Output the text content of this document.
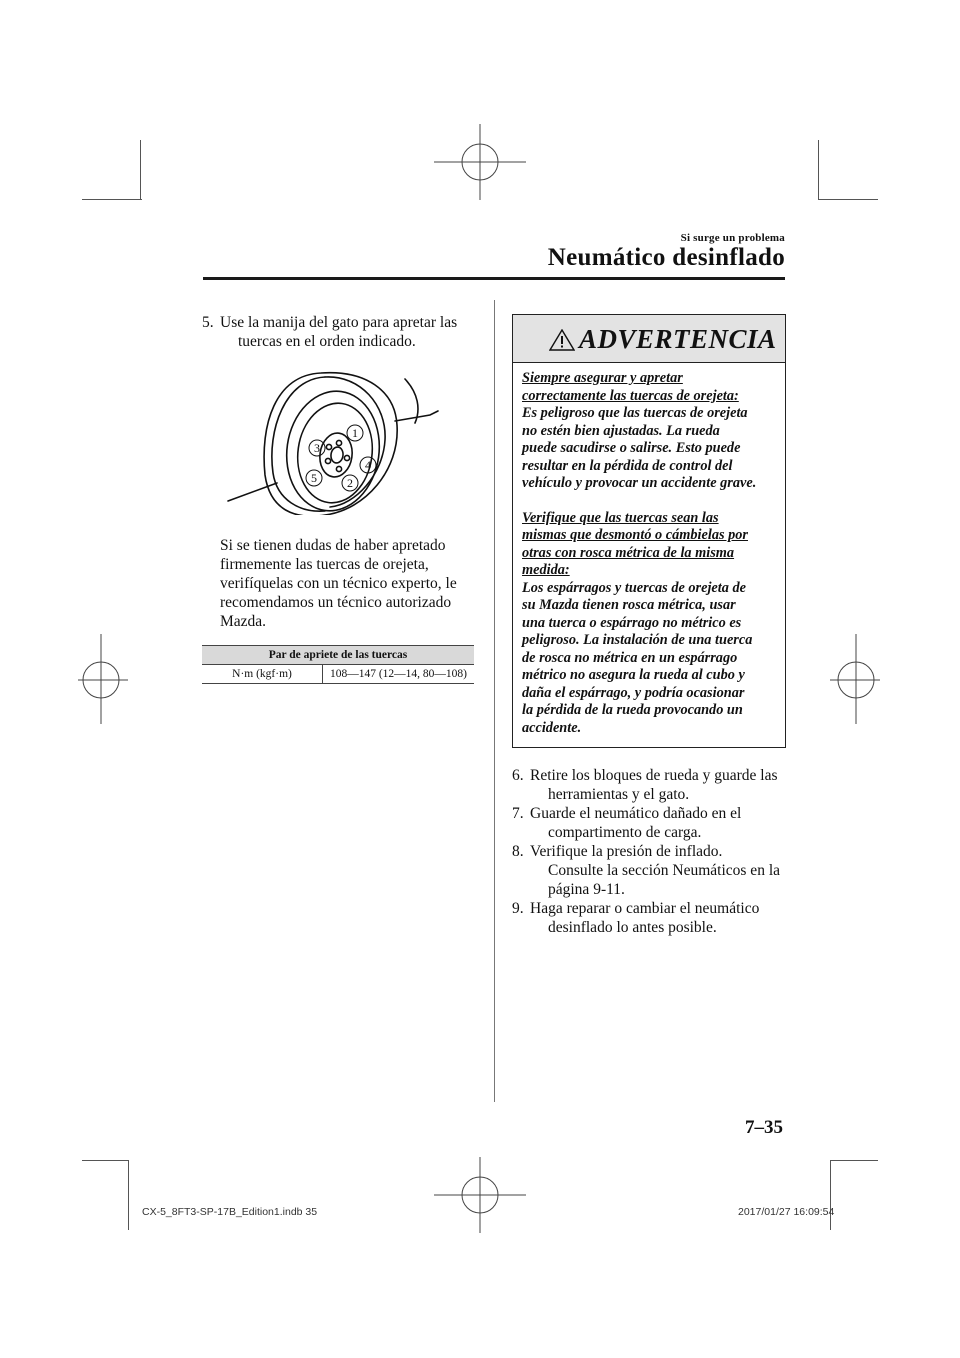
Si surge un problema
Neumático desinflado
5. Use la manija del gato para apretar las
tuercas en el orden indicado.
1
2
3
4
5
Si se tienen dudas de haber apretado
firmemente las tuercas de orejeta,
verifíquelas con un técnico experto, le
recomendamos un técnico autorizado
Mazda.
Par de apriete de las tuercas
N·m (kgf·m)	108—147 (12—14, 80—108)
ADVERTENCIA
Siempre asegurar y apretar
correctamente las tuercas de orejeta:
Es peligroso que las tuercas de orejeta
no estén bien ajustadas. La rueda
puede sacudirse o salirse. Esto puede
resultar en la pérdida de control del
vehículo y provocar un accidente grave.
Verifique que las tuercas sean las
mismas que desmontó o cámbielas por
otras con rosca métrica de la misma
medida:
Los espárragos y tuercas de orejeta de
su Mazda tienen rosca métrica, usar
una tuerca o espárrago no métrico es
peligroso. La instalación de una tuerca
de rosca no métrica en un espárrago
métrico no asegura la rueda al cubo y
daña el espárrago, y podría ocasionar
la pérdida de la rueda provocando un
accidente.
6. Retire los bloques de rueda y guarde las
herramientas y el gato.
7. Guarde el neumático dañado en el
compartimento de carga.
8. Verifique la presión de inflado.
Consulte la sección Neumáticos en la
página 9-11.
9. Haga reparar o cambiar el neumático
desinflado lo antes posible.
7–35
CX-5_8FT3-SP-17B_Edition1.indb 35	2017/01/27 16:09:54
